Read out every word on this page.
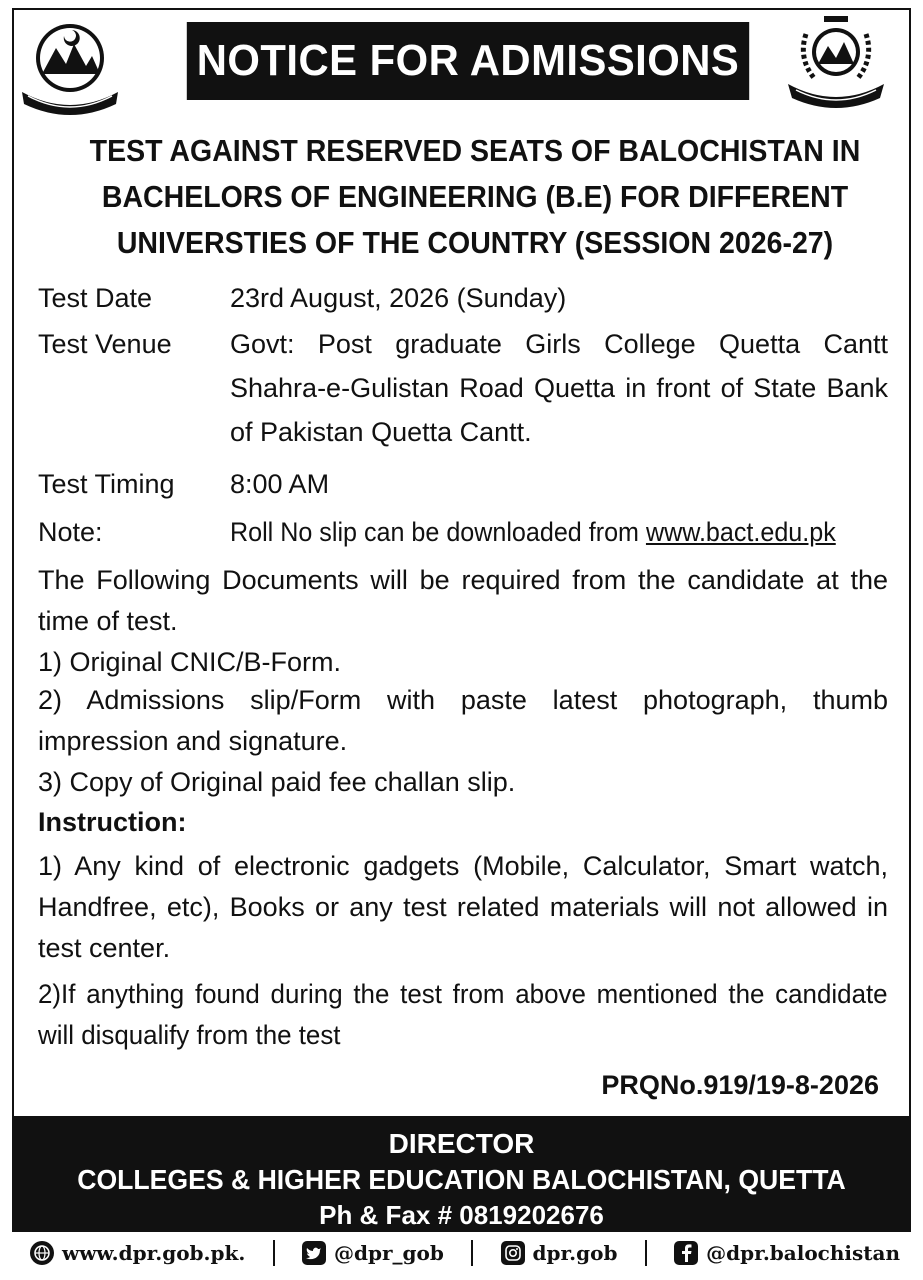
NOTICE FOR ADMISSIONS
TEST AGAINST RESERVED SEATS OF BALOCHISTAN IN
BACHELORS OF ENGINEERING (B.E) FOR DIFFERENT
UNIVERSTIES OF THE COUNTRY (SESSION 2026-27)
Test Date	23rd August, 2026 (Sunday)
Test Venue Govt: Post graduate Girls College Quetta Cantt
Shahra-e-Gulistan Road Quetta in front of State Bank
of Pakistan Quetta Cantt.
Test Timing 8:00 AM
Note:	Roll No slip can be downloaded from www.bact.edu.pk
The Following Documents will be required from the candidate at the time of test.
1) Original CNIC/B-Form.
2) Admissions slip/Form with paste latest photograph, thumb impression and signature.
3) Copy of Original paid fee challan slip.
Instruction:
1) Any kind of electronic gadgets (Mobile, Calculator, Smart watch, Handfree, etc), Books or any test related materials will not allowed in test center.
2)If anything found during the test from above mentioned the candidate will disqualify from the test
PRQNo.919/19-8-2026
DIRECTOR
COLLEGES & HIGHER EDUCATION BALOCHISTAN, QUETTA
Ph & Fax # 0819202676
www.dpr.gob.pk.	@dpr_gob	dpr.gob	@dpr.balochistan
